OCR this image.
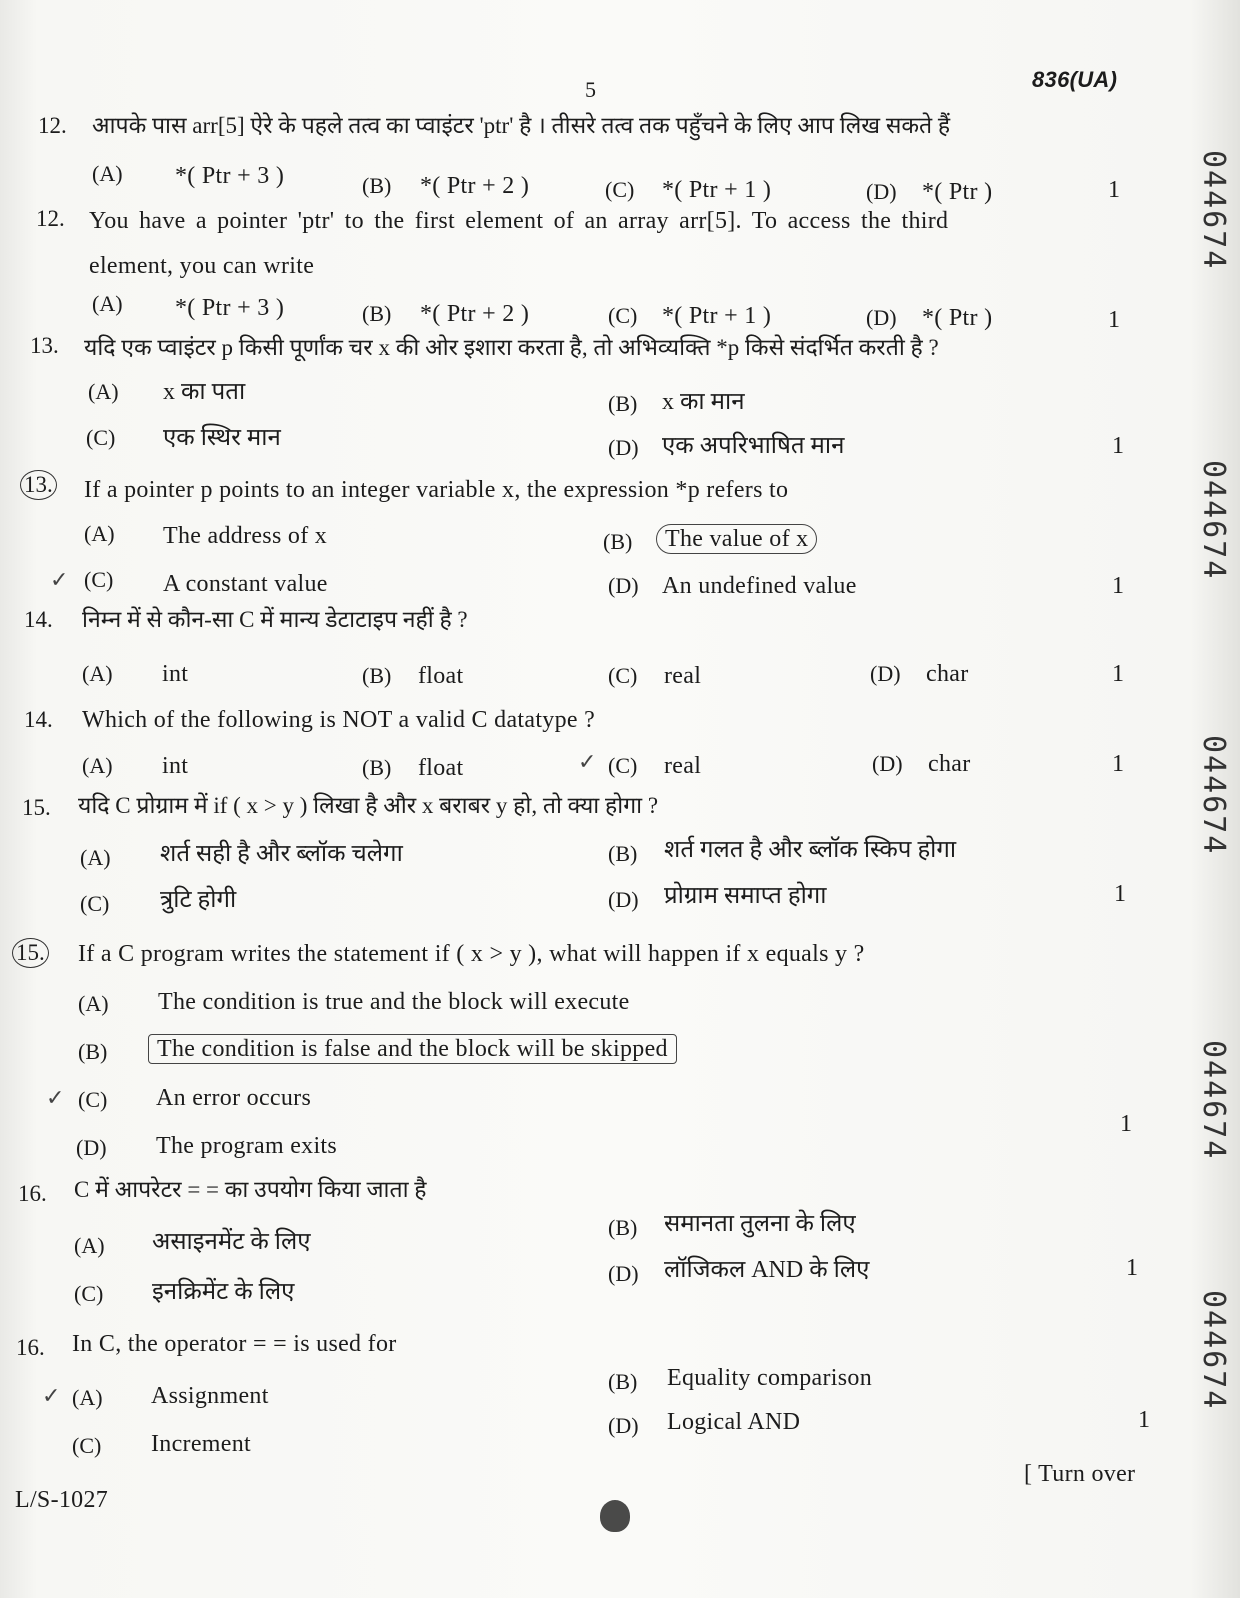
5	836(UA)
044674
044674
044674
044674
044674
12. आपके पास arr[5] ऐरे के पहले तत्व का प्वाइंटर 'ptr' है । तीसरे तत्व तक पहुँचने के लिए आप लिख सकते हैं
(A) *( Ptr + 3 )	(B) *( Ptr + 2 )	(C) *( Ptr + 1 )	(D) *( Ptr )	1
12. You have a pointer 'ptr' to the first element of an array arr[5]. To access the third
element, you can write
(A) *( Ptr + 3 )	(B) *( Ptr + 2 )	(C) *( Ptr + 1 )	(D) *( Ptr )	1
13. यदि एक प्वाइंटर p किसी पूर्णांक चर x की ओर इशारा करता है, तो अभिव्यक्ति *p किसे संदर्भित करती है ?
(A) x का पता	(B) x का मान
(C) एक स्थिर मान	(D) एक अपरिभाषित मान	1
13. If a pointer p points to an integer variable x, the expression *p refers to
(A) The address of x	(B)	The value of x
✓ (C) A constant value	(D) An undefined value	1
14. निम्न में से कौन-सा C में मान्य डेटाटाइप नहीं है ?
(A) int	(B) float	(C) real	(D) char	1
14. Which of the following is NOT a valid C datatype ?
(A) int	(B) float	✓ (C) real	(D) char	1
15. यदि C प्रोग्राम में if ( x > y ) लिखा है और x बराबर y हो, तो क्या होगा ?
(A) शर्त सही है और ब्लॉक चलेगा	(B) शर्त गलत है और ब्लॉक स्किप होगा
(C) त्रुटि होगी	(D) प्रोग्राम समाप्त होगा	1
15. If a C program writes the statement if ( x > y ), what will happen if x equals y ?
(A) The condition is true and the block will execute
(B)	The condition is false and the block will be skipped
✓ (C) An error occurs
(D) The program exits
1
16. C में आपरेटर = = का उपयोग किया जाता है
(A) असाइनमेंट के लिए
(B) समानता तुलना के लिए
(C) इनक्रिमेंट के लिए
(D) लॉजिकल AND के लिए	1
16. In C, the operator = = is used for
✓ (A) Assignment
(B) Equality comparison
(C) Increment
(D) Logical AND	1
L/S-1027
[ Turn over
